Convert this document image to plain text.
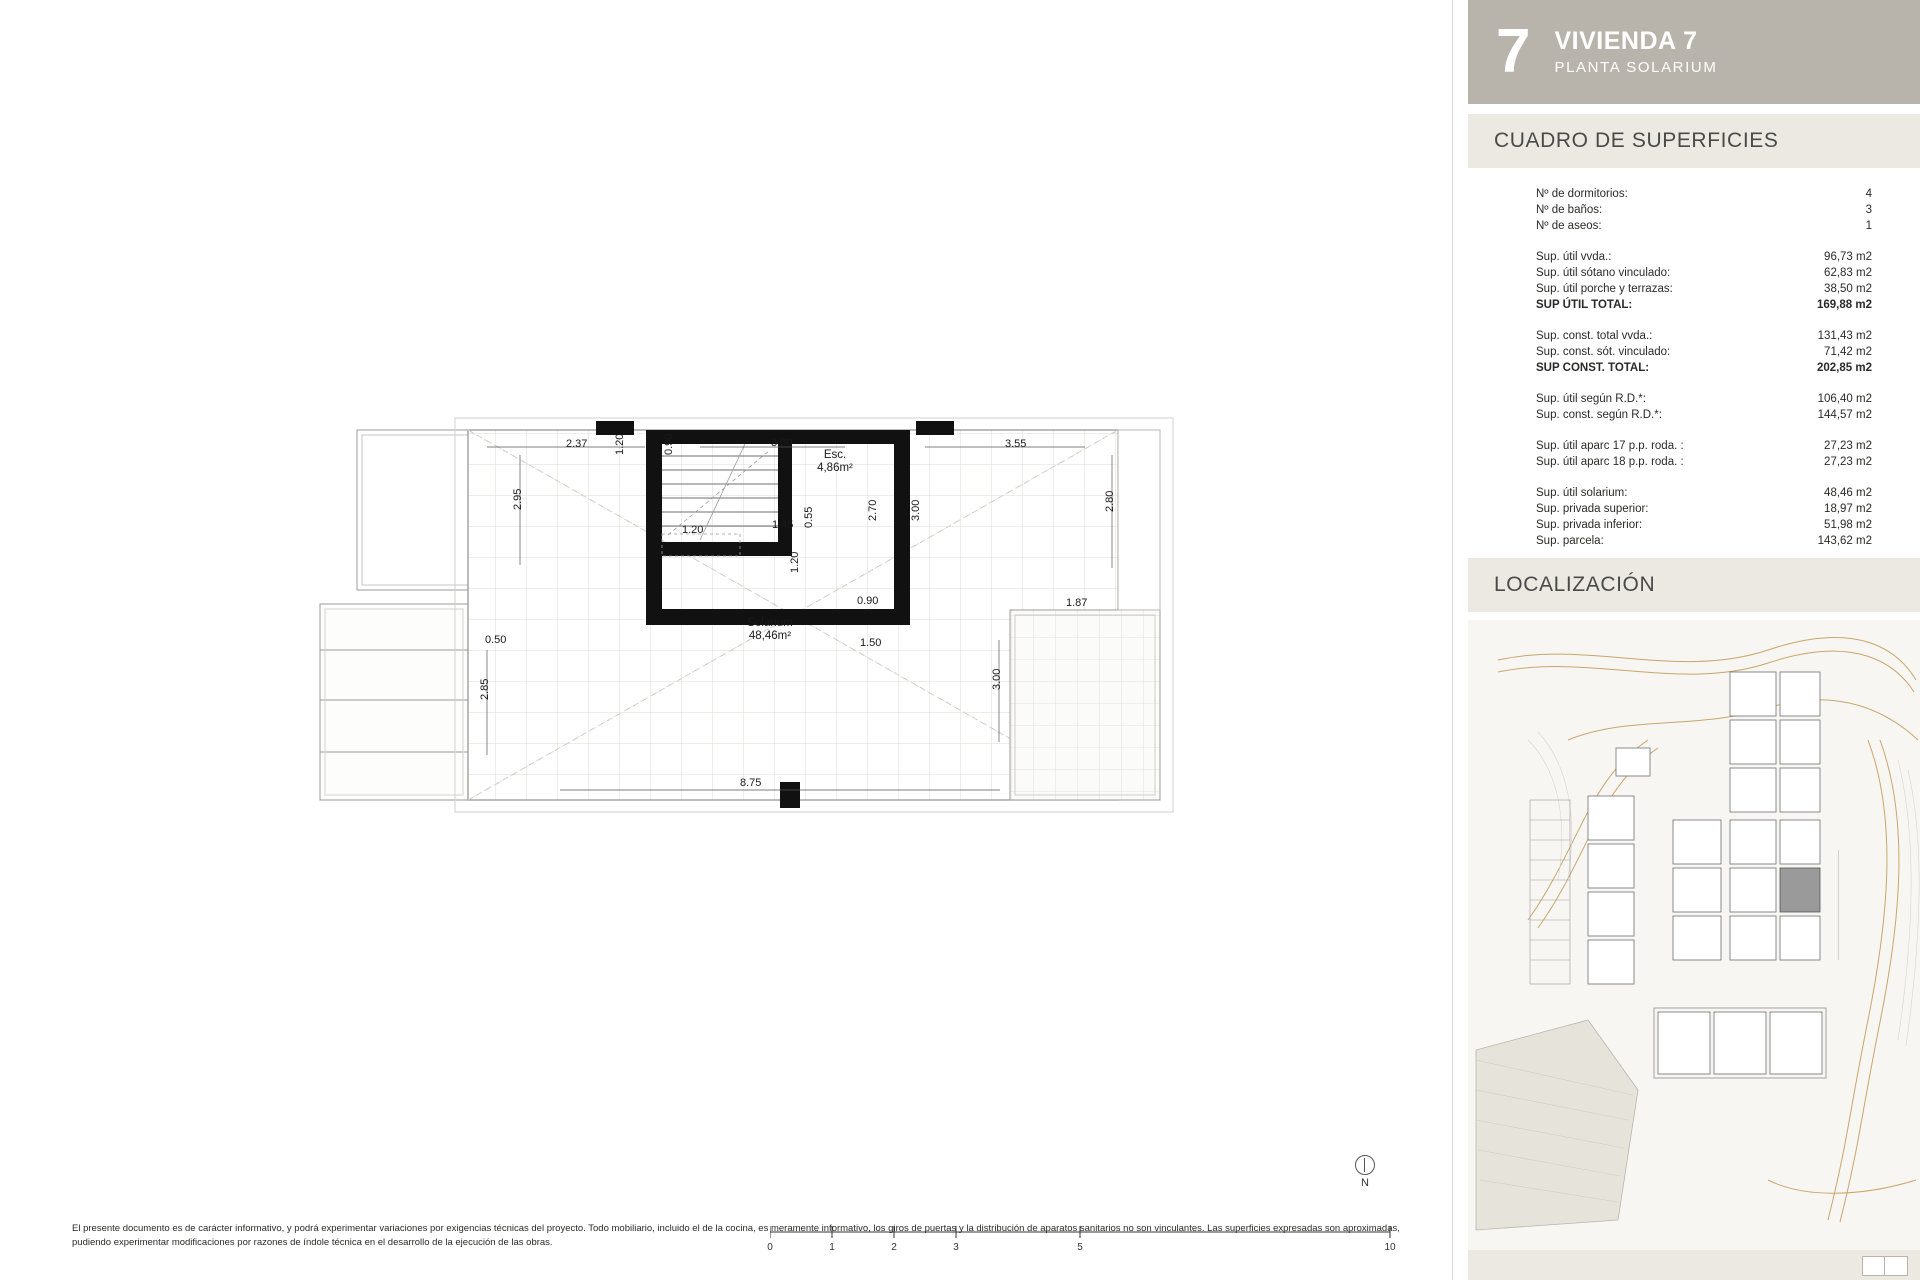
Solarium
48,46m²
Esc.
4,86m²
2.37	3.80	3.55
0.90
1.20
2.95	2.80
1.20	1.45 0.55	2.70	3.00
1.20
0.90	1.87
1.50
0.50
2.85	3.00
8.75
0	1	2	3	5	10
N
El presente documento es de carácter informativo, y podrá experimentar variaciones por exigencias técnicas del proyecto. Todo mobiliario, incluido el de la cocina, es meramente informativo, los giros de puertas y la distribución de aparatos sanitarios no son vinculantes. Las superficies expresadas son aproximadas, pudiendo experimentar modificaciones por razones de índole técnica en el desarrollo de la ejecución de las obras.
7 VIVIENDA 7
PLANTA SOLARIUM
CUADRO DE SUPERFICIES
Nº de dormitorios:	4
Nº de baños:	3
Nº de aseos:	1
Sup. útil vvda.:	96,73 m2
Sup. útil sótano vinculado:	62,83 m2
Sup. útil porche y terrazas:	38,50 m2
SUP ÚTIL TOTAL:	169,88 m2
Sup. const. total vvda.:	131,43 m2
Sup. const. sót. vinculado:	71,42 m2
SUP CONST. TOTAL:	202,85 m2
Sup. útil según R.D.*:	106,40 m2
Sup. const. según R.D.*:	144,57 m2
Sup. útil aparc 17 p.p. roda. :	27,23 m2
Sup. útil aparc 18 p.p. roda. :	27,23 m2
Sup. útil solarium:	48,46 m2
Sup. privada superior:	18,97 m2
Sup. privada inferior:	51,98 m2
Sup. parcela:	143,62 m2
LOCALIZACIÓN
